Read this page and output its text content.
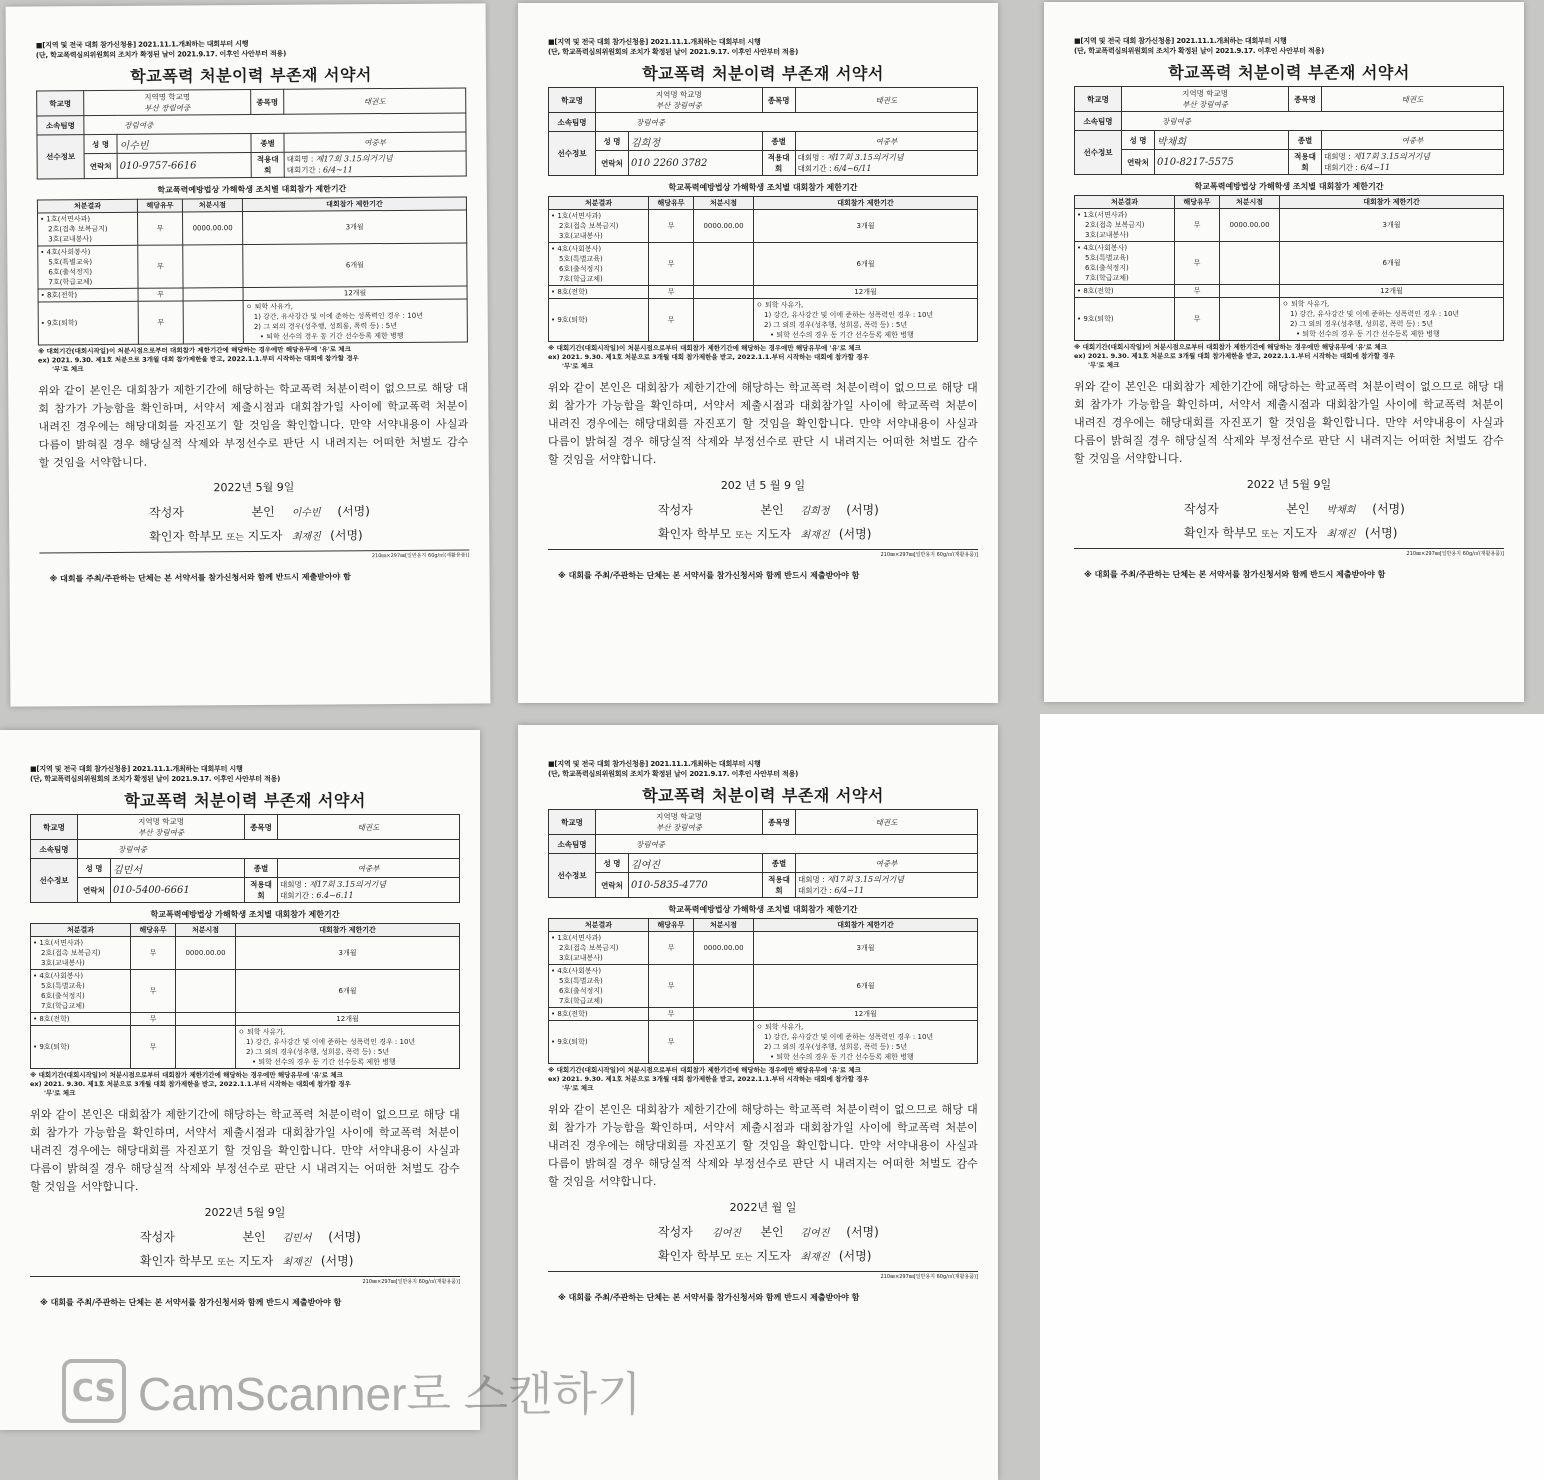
■[지역 및 전국 대회 참가신청용] 2021.11.1.개최하는 대회부터 시행
(단, 학교폭력심의위원회의 조치가 확정된 날이 2021.9.17. 이후인 사안부터 적용)
학교폭력 처분이력 부존재 서약서
학교명	지역명 학교명
부산 장림여중		종목명	태권도
소속팀명	장림여중			
선수정보	성 명	이수빈	종별	여중부
	연락처	010-9757-6616	적용대회	대회명 : 제17회 3.15의거기념
대회기간 : 6/4~11
학교폭력예방법상 가해학생 조치별 대회참가 제한기간
처분결과	해당유무	처분시점	대회참가 제한기간

• 1호(서면사과)
2호(접촉 보복금지)
3호(교내봉사)	무	0000.00.00	3개월

• 4호(사회봉사)
5호(특별교육)
6호(출석정지)
7호(학급교체)	무		6개월

• 8호(전학)	무		12개월

• 9호(퇴학)	무		ㅇ 퇴학 사유가,
1) 강간, 유사강간 및 이에 준하는 성폭력인 경우 : 10년
2) 그 외의 경우(성추행, 성희롱, 폭력 등) : 5년
• 퇴학 선수의 경우 동 기간 선수등록 제한 병행
※ 대회기간(대회시작일)이 처분시점으로부터 대회참가 제한기간에 해당하는 경우에만 해당유무에 '유'로 체크
ex) 2021. 9.30. 제1호 처분으로 3개월 대회 참가제한을 받고, 2022.1.1.부터 시작하는 대회에 참가할 경우
'무'로 체크
위와 같이 본인은 대회참가 제한기간에 해당하는 학교폭력 처분이력이 없으므로 해당 대회 참가가 가능함을 확인하며, 서약서 제출시점과 대회참가일 사이에 학교폭력 처분이 내려진 경우에는 해당대회를 자진포기 할 것임을 확인합니다. 만약 서약내용이 사실과 다름이 밝혀질 경우 해당실적 삭제와 부정선수로 판단 시 내려지는 어떠한 처벌도 감수할 것임을 서약합니다.
2022년 5월 9일
작성자	본인 이수빈 (서명)
확인자 학부모 또는 지도자 최재진 (서명)
210㎜×297㎜[일반용지 60g/㎡(재활용품)]
※ 대회를 주최/주관하는 단체는 본 서약서를 참가신청서와 함께 반드시 제출받아야 함
■[지역 및 전국 대회 참가신청용] 2021.11.1.개최하는 대회부터 시행
(단, 학교폭력심의위원회의 조치가 확정된 날이 2021.9.17. 이후인 사안부터 적용)
학교폭력 처분이력 부존재 서약서
학교명	지역명 학교명
부산 장림여중		종목명	태권도
소속팀명	장림여중			
선수정보	성 명	김희정	종별	여중부
	연락처	010 2260 3782	적용대회	대회명 : 제17회 3.15의거기념
대회기간 : 6/4~6/11
학교폭력예방법상 가해학생 조치별 대회참가 제한기간
처분결과	해당유무	처분시점	대회참가 제한기간

• 1호(서면사과)
2호(접촉 보복금지)
3호(교내봉사)	무	0000.00.00	3개월

• 4호(사회봉사)
5호(특별교육)
6호(출석정지)
7호(학급교체)	무		6개월

• 8호(전학)	무		12개월

• 9호(퇴학)	무		ㅇ 퇴학 사유가,
1) 강간, 유사강간 및 이에 준하는 성폭력인 경우 : 10년
2) 그 외의 경우(성추행, 성희롱, 폭력 등) : 5년
• 퇴학 선수의 경우 동 기간 선수등록 제한 병행
※ 대회기간(대회시작일)이 처분시점으로부터 대회참가 제한기간에 해당하는 경우에만 해당유무에 '유'로 체크
ex) 2021. 9.30. 제1호 처분으로 3개월 대회 참가제한을 받고, 2022.1.1.부터 시작하는 대회에 참가할 경우
'무'로 체크
위와 같이 본인은 대회참가 제한기간에 해당하는 학교폭력 처분이력이 없으므로 해당 대회 참가가 가능함을 확인하며, 서약서 제출시점과 대회참가일 사이에 학교폭력 처분이 내려진 경우에는 해당대회를 자진포기 할 것임을 확인합니다. 만약 서약내용이 사실과 다름이 밝혀질 경우 해당실적 삭제와 부정선수로 판단 시 내려지는 어떠한 처벌도 감수할 것임을 서약합니다.
202 년 5 월 9 일
작성자	본인 김희정 (서명)
확인자 학부모 또는 지도자 최재진 (서명)
210㎜×297㎜[일반용지 60g/㎡(재활용품)]
※ 대회를 주최/주관하는 단체는 본 서약서를 참가신청서와 함께 반드시 제출받아야 함
■[지역 및 전국 대회 참가신청용] 2021.11.1.개최하는 대회부터 시행
(단, 학교폭력심의위원회의 조치가 확정된 날이 2021.9.17. 이후인 사안부터 적용)
학교폭력 처분이력 부존재 서약서
학교명	지역명 학교명
부산 장림여중		종목명	태권도
소속팀명	장림여중			
선수정보	성 명	박채희	종별	여중부
	연락처	010-8217-5575	적용대회	대회명 : 제17회 3.15의거기념
대회기간 : 6/4~11
학교폭력예방법상 가해학생 조치별 대회참가 제한기간
처분결과	해당유무	처분시점	대회참가 제한기간

• 1호(서면사과)
2호(접촉 보복금지)
3호(교내봉사)	무	0000.00.00	3개월

• 4호(사회봉사)
5호(특별교육)
6호(출석정지)
7호(학급교체)	무		6개월

• 8호(전학)	무		12개월

• 9호(퇴학)	무		ㅇ 퇴학 사유가,
1) 강간, 유사강간 및 이에 준하는 성폭력인 경우 : 10년
2) 그 외의 경우(성추행, 성희롱, 폭력 등) : 5년
• 퇴학 선수의 경우 동 기간 선수등록 제한 병행
※ 대회기간(대회시작일)이 처분시점으로부터 대회참가 제한기간에 해당하는 경우에만 해당유무에 '유'로 체크
ex) 2021. 9.30. 제1호 처분으로 3개월 대회 참가제한을 받고, 2022.1.1.부터 시작하는 대회에 참가할 경우
'무'로 체크
위와 같이 본인은 대회참가 제한기간에 해당하는 학교폭력 처분이력이 없으므로 해당 대회 참가가 가능함을 확인하며, 서약서 제출시점과 대회참가일 사이에 학교폭력 처분이 내려진 경우에는 해당대회를 자진포기 할 것임을 확인합니다. 만약 서약내용이 사실과 다름이 밝혀질 경우 해당실적 삭제와 부정선수로 판단 시 내려지는 어떠한 처벌도 감수할 것임을 서약합니다.
2022 년 5월 9일
작성자	본인 박채희 (서명)
확인자 학부모 또는 지도자 최재진 (서명)
210㎜×297㎜[일반용지 60g/㎡(재활용품)]
※ 대회를 주최/주관하는 단체는 본 서약서를 참가신청서와 함께 반드시 제출받아야 함
■[지역 및 전국 대회 참가신청용] 2021.11.1.개최하는 대회부터 시행
(단, 학교폭력심의위원회의 조치가 확정된 날이 2021.9.17. 이후인 사안부터 적용)
학교폭력 처분이력 부존재 서약서
학교명	지역명 학교명
부산 장림여중		종목명	태권도
소속팀명	장림여중			
선수정보	성 명	김민서	종별	여중부
	연락처	010-5400-6661	적용대회	대회명 : 제17회 3.15의거기념
대회기간 : 6.4~6.11
학교폭력예방법상 가해학생 조치별 대회참가 제한기간
처분결과	해당유무	처분시점	대회참가 제한기간

• 1호(서면사과)
2호(접촉 보복금지)
3호(교내봉사)	무	0000.00.00	3개월

• 4호(사회봉사)
5호(특별교육)
6호(출석정지)
7호(학급교체)	무		6개월

• 8호(전학)	무		12개월

• 9호(퇴학)	무		ㅇ 퇴학 사유가,
1) 강간, 유사강간 및 이에 준하는 성폭력인 경우 : 10년
2) 그 외의 경우(성추행, 성희롱, 폭력 등) : 5년
• 퇴학 선수의 경우 동 기간 선수등록 제한 병행
※ 대회기간(대회시작일)이 처분시점으로부터 대회참가 제한기간에 해당하는 경우에만 해당유무에 '유'로 체크
ex) 2021. 9.30. 제1호 처분으로 3개월 대회 참가제한을 받고, 2022.1.1.부터 시작하는 대회에 참가할 경우
'무'로 체크
위와 같이 본인은 대회참가 제한기간에 해당하는 학교폭력 처분이력이 없으므로 해당 대회 참가가 가능함을 확인하며, 서약서 제출시점과 대회참가일 사이에 학교폭력 처분이 내려진 경우에는 해당대회를 자진포기 할 것임을 확인합니다. 만약 서약내용이 사실과 다름이 밝혀질 경우 해당실적 삭제와 부정선수로 판단 시 내려지는 어떠한 처벌도 감수할 것임을 서약합니다.
2022년 5월 9일
작성자	본인 김민서 (서명)
확인자 학부모 또는 지도자 최재진 (서명)
210㎜×297㎜[일반용지 60g/㎡(재활용품)]
※ 대회를 주최/주관하는 단체는 본 서약서를 참가신청서와 함께 반드시 제출받아야 함
■[지역 및 전국 대회 참가신청용] 2021.11.1.개최하는 대회부터 시행
(단, 학교폭력심의위원회의 조치가 확정된 날이 2021.9.17. 이후인 사안부터 적용)
학교폭력 처분이력 부존재 서약서
학교명	지역명 학교명
부산 장림여중		종목명	태권도
소속팀명	장림여중			
선수정보	성 명	김여진	종별	여중부
	연락처	010-5835-4770	적용대회	대회명 : 제17회 3.15의거기념
대회기간 : 6/4~11
학교폭력예방법상 가해학생 조치별 대회참가 제한기간
처분결과	해당유무	처분시점	대회참가 제한기간

• 1호(서면사과)
2호(접촉 보복금지)
3호(교내봉사)	무	0000.00.00	3개월

• 4호(사회봉사)
5호(특별교육)
6호(출석정지)
7호(학급교체)	무		6개월

• 8호(전학)	무		12개월

• 9호(퇴학)	무		ㅇ 퇴학 사유가,
1) 강간, 유사강간 및 이에 준하는 성폭력인 경우 : 10년
2) 그 외의 경우(성추행, 성희롱, 폭력 등) : 5년
• 퇴학 선수의 경우 동 기간 선수등록 제한 병행
※ 대회기간(대회시작일)이 처분시점으로부터 대회참가 제한기간에 해당하는 경우에만 해당유무에 '유'로 체크
ex) 2021. 9.30. 제1호 처분으로 3개월 대회 참가제한을 받고, 2022.1.1.부터 시작하는 대회에 참가할 경우
'무'로 체크
위와 같이 본인은 대회참가 제한기간에 해당하는 학교폭력 처분이력이 없으므로 해당 대회 참가가 가능함을 확인하며, 서약서 제출시점과 대회참가일 사이에 학교폭력 처분이 내려진 경우에는 해당대회를 자진포기 할 것임을 확인합니다. 만약 서약내용이 사실과 다름이 밝혀질 경우 해당실적 삭제와 부정선수로 판단 시 내려지는 어떠한 처벌도 감수할 것임을 서약합니다.
2022년 월 일
작성자 김여진 본인 김여진 (서명)
확인자 학부모 또는 지도자 최재진 (서명)
210㎜×297㎜[일반용지 60g/㎡(재활용품)]
※ 대회를 주최/주관하는 단체는 본 서약서를 참가신청서와 함께 반드시 제출받아야 함
CS CamScanner로 스캔하기
